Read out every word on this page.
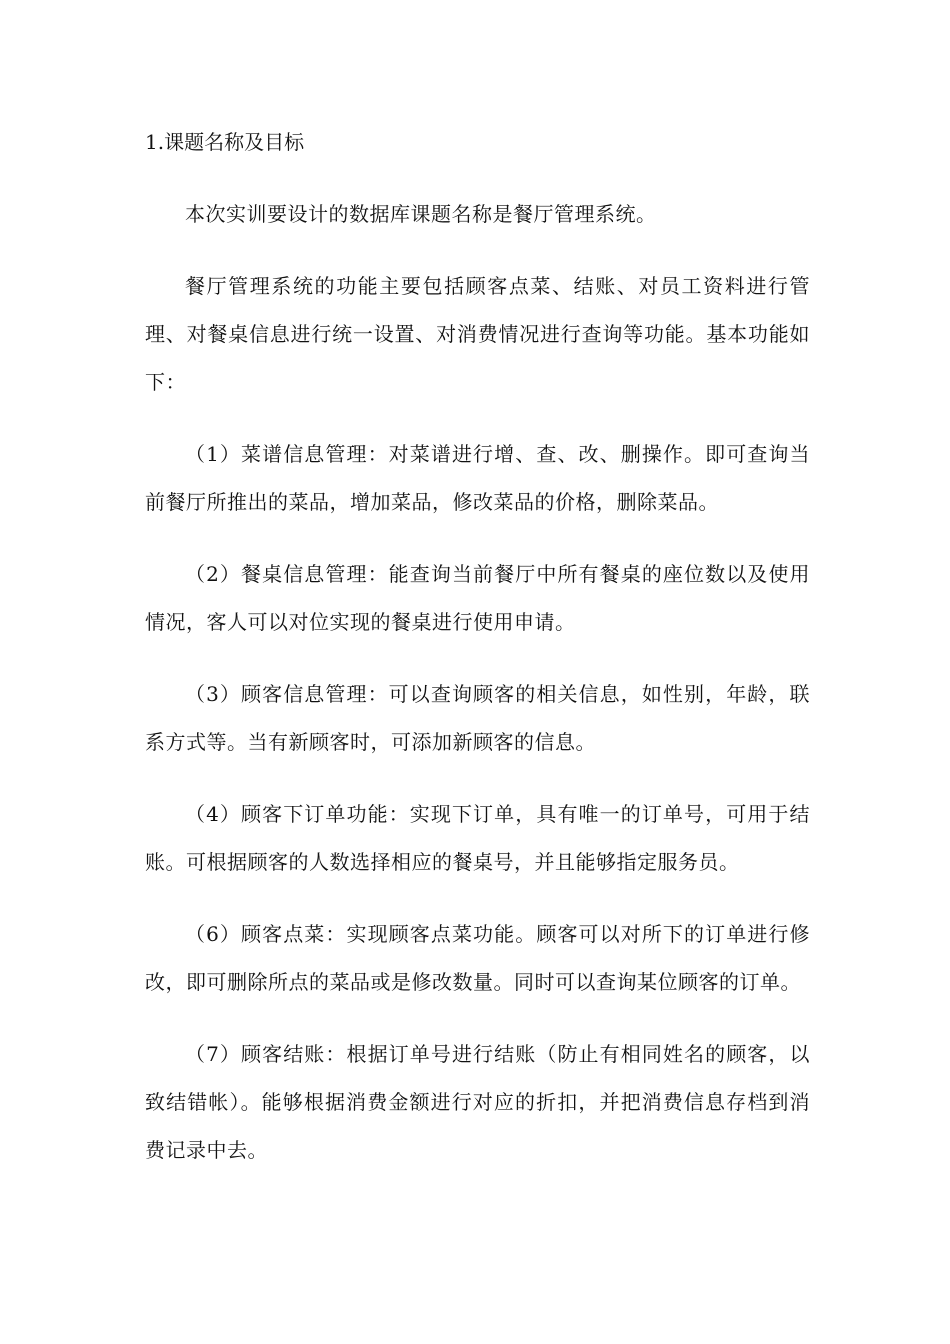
1.课题名称及目标

本次实训要设计的数据库课题名称是餐厅管理系统。

餐厅管理系统的功能主要包括顾客点菜、结账、对员工资料进行管理、对餐桌信息进行统一设置、对消费情况进行查询等功能。基本功能如下：

（1）菜谱信息管理：对菜谱进行增、查、改、删操作。即可查询当前餐厅所推出的菜品，增加菜品，修改菜品的价格，删除菜品。

（2）餐桌信息管理：能查询当前餐厅中所有餐桌的座位数以及使用情况，客人可以对位实现的餐桌进行使用申请。

（3）顾客信息管理：可以查询顾客的相关信息，如性别，年龄，联系方式等。当有新顾客时，可添加新顾客的信息。

（4）顾客下订单功能：实现下订单，具有唯一的订单号，可用于结账。可根据顾客的人数选择相应的餐桌号，并且能够指定服务员。

（6）顾客点菜：实现顾客点菜功能。顾客可以对所下的订单进行修改，即可删除所点的菜品或是修改数量。同时可以查询某位顾客的订单。

（7）顾客结账：根据订单号进行结账（防止有相同姓名的顾客，以致结错帐）。能够根据消费金额进行对应的折扣，并把消费信息存档到消费记录中去。
